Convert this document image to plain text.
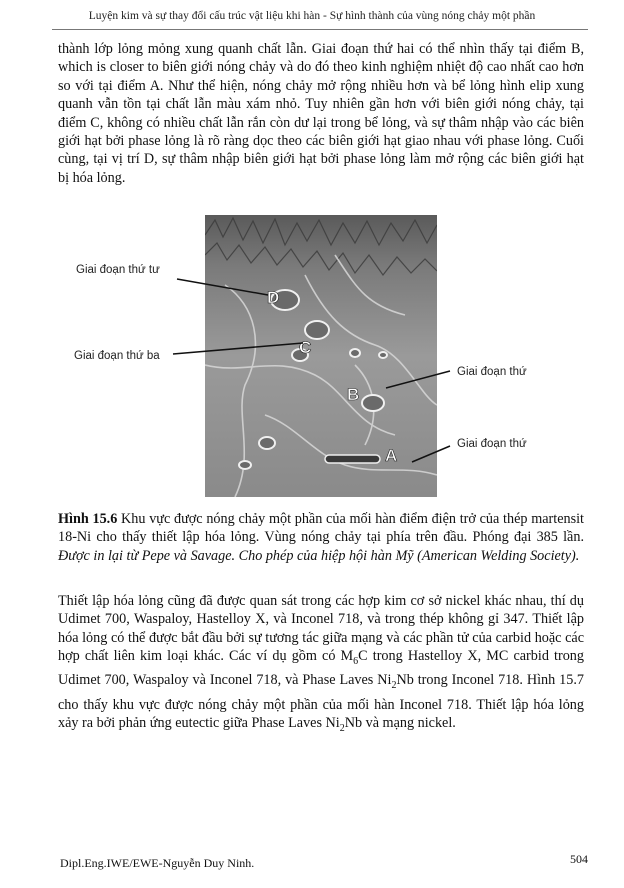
Luyện kim và sự thay đổi cấu trúc vật liệu khi hàn - Sự hình thành của vùng nóng chảy một phần

thành lớp lỏng mỏng xung quanh chất lẫn. Giai đoạn thứ hai có thể nhìn thấy tại điểm B, which is closer to biên giới nóng chảy và do đó theo kinh nghiệm nhiệt độ cao nhất cao hơn so với tại điểm A. Như thể hiện, nóng chảy mở rộng nhiều hơn và bể lỏng hình elip xung quanh vẫn tồn tại chất lẫn màu xám nhỏ. Tuy nhiên gần hơn với biên giới nóng chảy, tại điểm C, không có nhiều chất lẫn rắn còn dư lại trong bể lỏng, và sự thâm nhập vào các biên giới hạt bởi phase lỏng là rõ ràng dọc theo các biên giới hạt giao nhau với phase lỏng. Cuối cùng, tại vị trí D, sự thâm nhập biên giới hạt bởi phase lỏng làm mở rộng các biên giới hạt bị hóa lỏng.

D
C
B
A
Giai đoạn thứ tư
Giai đoạn thứ ba
Giai đoạn thứ
Giai đoạn thứ

Hình 15.6 Khu vực được nóng chảy một phần của mối hàn điểm điện trở của thép martensit 18-Ni cho thấy thiết lập hóa lỏng. Vùng nóng chảy tại phía trên đầu. Phóng đại 385 lần. Được in lại từ Pepe và Savage. Cho phép của hiệp hội hàn Mỹ (American Welding Society).

Thiết lập hóa lỏng cũng đã được quan sát trong các hợp kim cơ sở nickel khác nhau, thí dụ Udimet 700, Waspaloy, Hastelloy X, và Inconel 718, và trong thép không gỉ 347. Thiết lập hóa lỏng có thể được bắt đầu bởi sự tương tác giữa mạng và các phần tử của carbid hoặc các hợp chất liên kim loại khác. Các ví dụ gồm có $M_6C$ trong Hastelloy X, MC carbid trong Udimet 700, Waspaloy và Inconel 718, và Phase Laves $Ni_2Nb$ trong Inconel 718. Hình 15.7 cho thấy khu vực được nóng chảy một phần của mối hàn Inconel 718. Thiết lập hóa lỏng xảy ra bởi phản ứng eutectic giữa Phase Laves $Ni_2Nb$ và mạng nickel.

Dipl.Eng.IWE/EWE-Nguyễn Duy Ninh.	504
